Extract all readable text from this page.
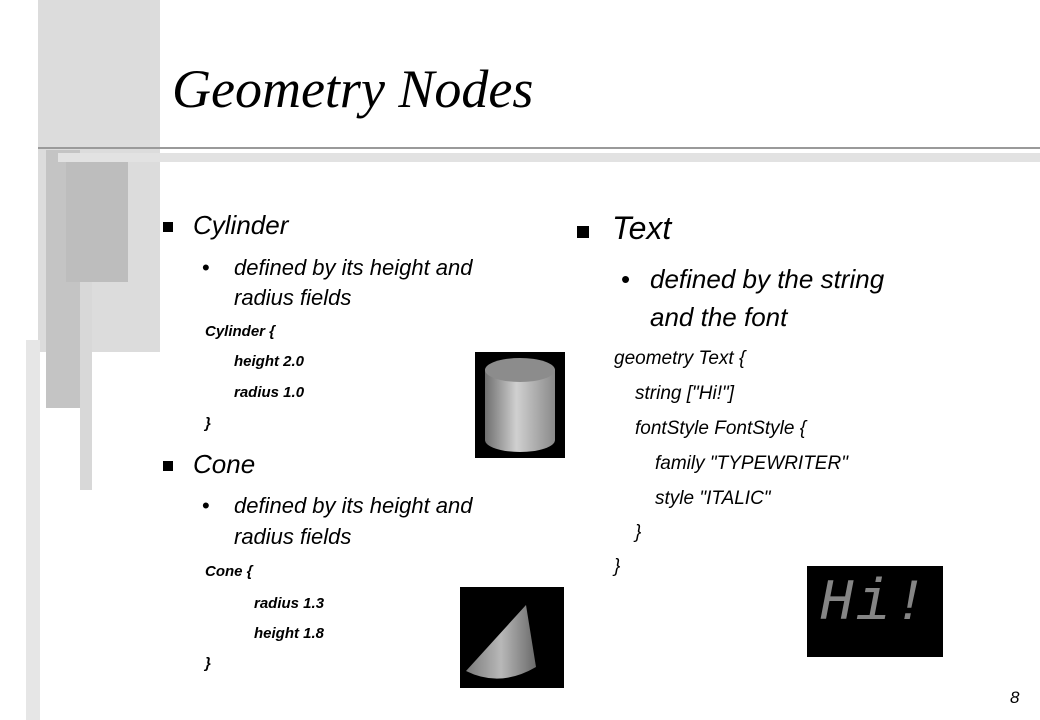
Geometry Nodes
Cylinder
• defined by its height and
radius fields
Cylinder {
height 2.0
radius 1.0
}
Cone
• defined by its height and
radius fields
Cone {
radius 1.3
height 1.8
}
Text
• defined by the string
and the font
geometry Text {
string ["Hi!"]
fontStyle FontStyle {
family "TYPEWRITER"
style "ITALIC"
}
}
Hi!
8
